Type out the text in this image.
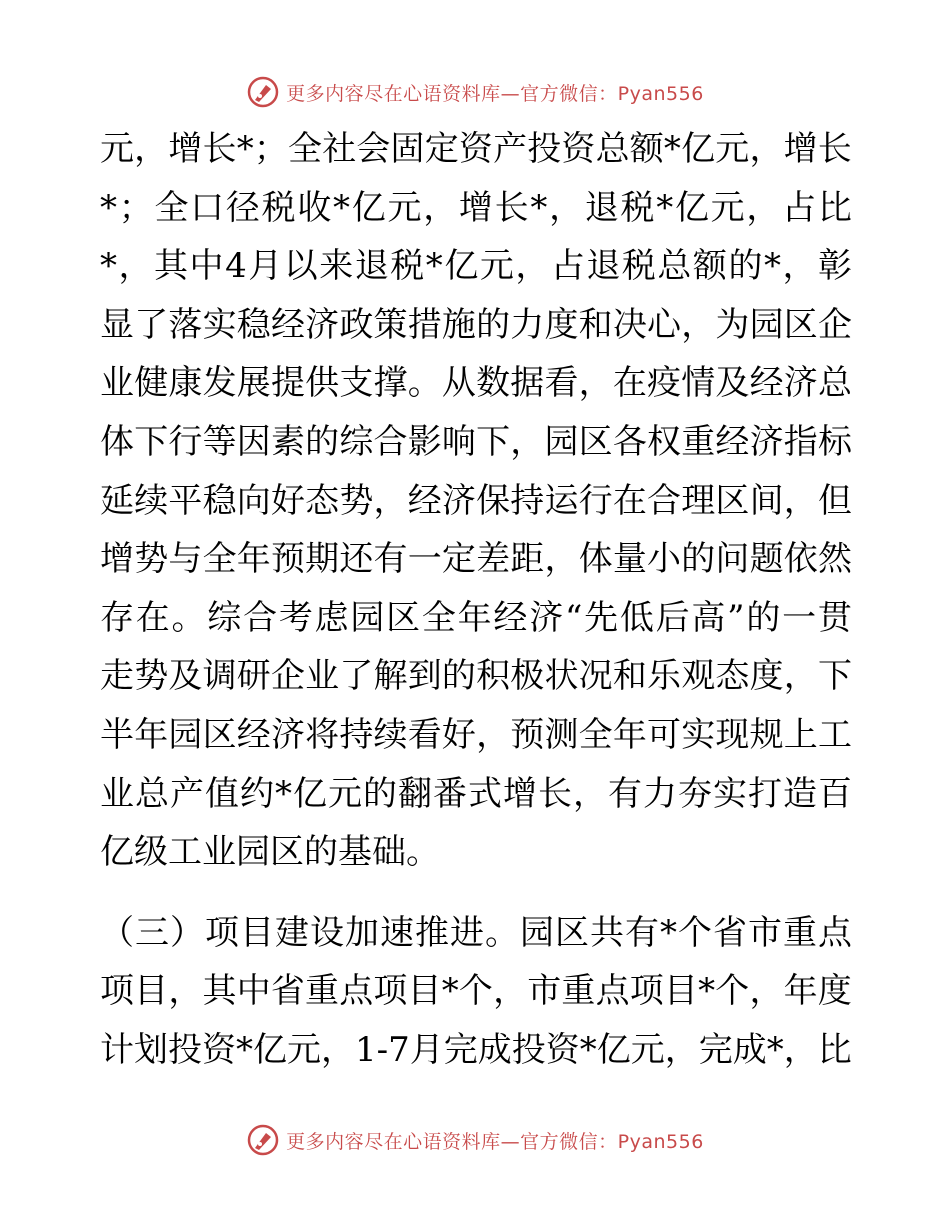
更多内容尽在心语资料库—官方微信：Pyan556
元 ， 增 长 * ； 全 社 会 固 定 资 产 投 资 总 额 * 亿 元 ， 增 长
* ； 全 口 径 税 收 * 亿 元 ， 增 长 * ， 退 税 * 亿 元 ， 占 比
* ， 其 中 4 月 以 来 退 税 * 亿 元 ， 占 退 税 总 额 的 * ， 彰
显 了 落 实 稳 经 济 政 策 措 施 的 力 度 和 决 心 ， 为 园 区 企
业 健 康 发 展 提 供 支 撑 。 从 数 据 看 ， 在 疫 情 及 经 济 总
体 下 行 等 因 素 的 综 合 影 响 下 ， 园 区 各 权 重 经 济 指 标
延 续 平 稳 向 好 态 势 ， 经 济 保 持 运 行 在 合 理 区 间 ， 但
增 势 与 全 年 预 期 还 有 一 定 差 距 ， 体 量 小 的 问 题 依 然
存 在 。 综 合 考 虑 园 区 全 年 经 济 “ 先 低 后 高 ” 的 一 贯
走 势 及 调 研 企 业 了 解 到 的 积 极 状 况 和 乐 观 态 度 ， 下
半 年 园 区 经 济 将 持 续 看 好 ， 预 测 全 年 可 实 现 规 上 工
业 总 产 值 约 * 亿 元 的 翻 番 式 增 长 ， 有 力 夯 实 打 造 百
亿级工业园区的基础。
（ 三 ） 项 目 建 设 加 速 推 进 。 园 区 共 有 * 个 省 市 重 点
项 目 ， 其 中 省 重 点 项 目 * 个 ， 市 重 点 项 目 * 个 ， 年 度
计 划 投 资 * 亿 元 ， 1-7 月 完 成 投 资 * 亿 元 ， 完 成 * ， 比
更多内容尽在心语资料库—官方微信：Pyan556
